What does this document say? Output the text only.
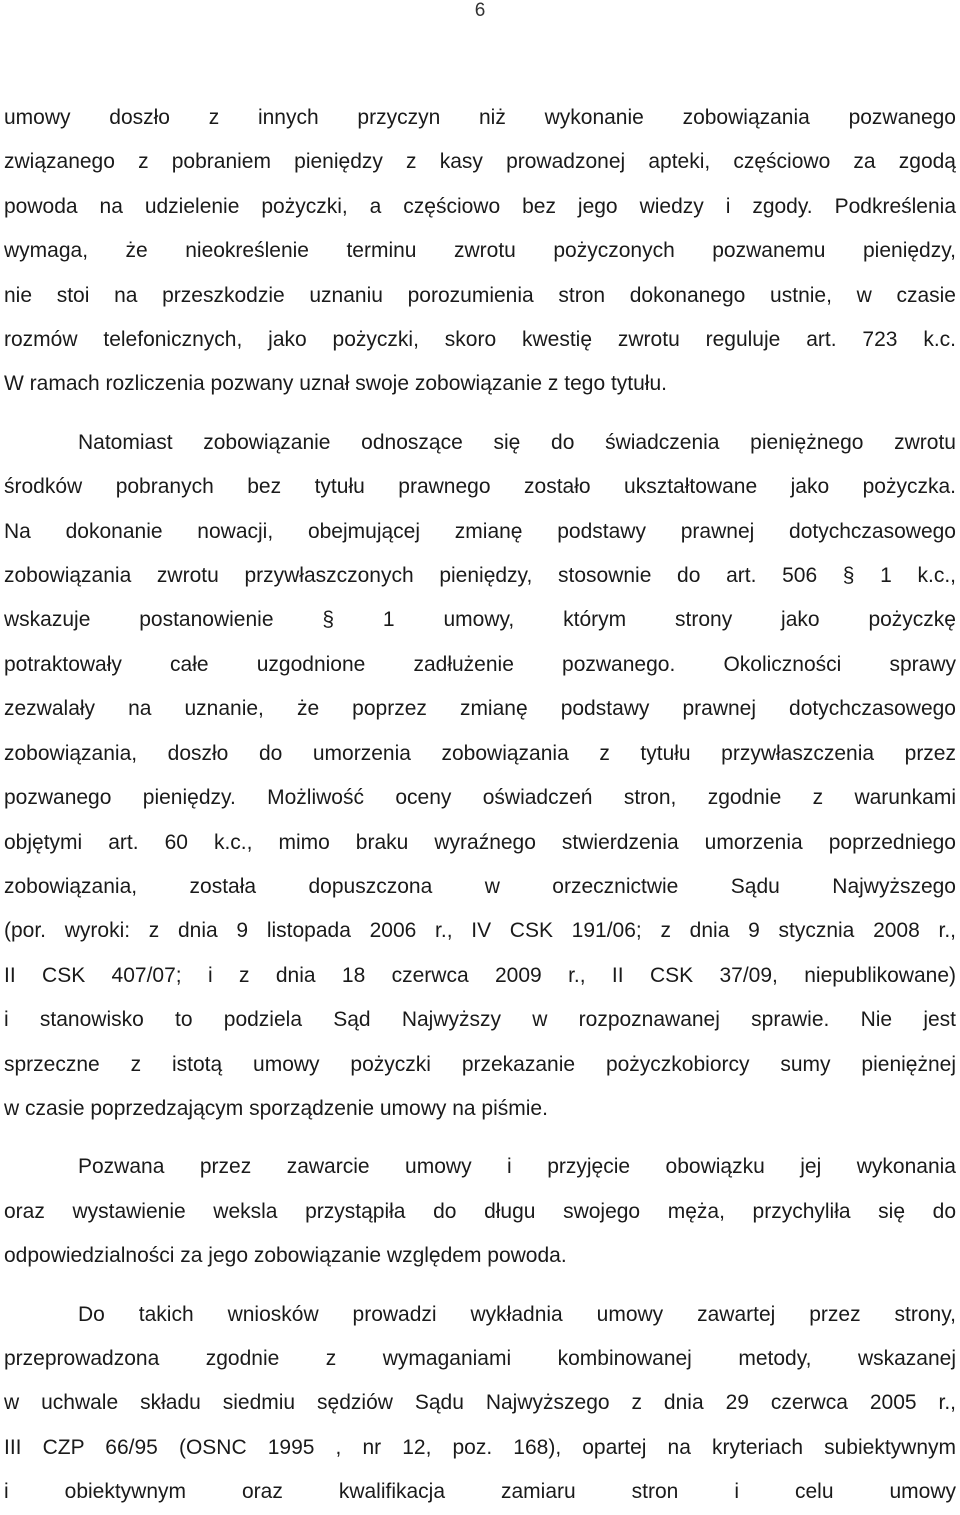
6
umowy doszło z innych przyczyn niż wykonanie zobowiązania pozwanego
związanego z pobraniem pieniędzy z kasy prowadzonej apteki, częściowo za zgodą
powoda na udzielenie pożyczki, a częściowo bez jego wiedzy i zgody. Podkreślenia
wymaga, że nieokreślenie terminu zwrotu pożyczonych pozwanemu pieniędzy,
nie stoi na przeszkodzie uznaniu porozumienia stron dokonanego ustnie, w czasie
rozmów telefonicznych, jako pożyczki, skoro kwestię zwrotu reguluje art. 723 k.c.
W ramach rozliczenia pozwany uznał swoje zobowiązanie z tego tytułu.
Natomiast zobowiązanie odnoszące się do świadczenia pieniężnego zwrotu
środków pobranych bez tytułu prawnego zostało ukształtowane jako pożyczka.
Na dokonanie nowacji, obejmującej zmianę podstawy prawnej dotychczasowego
zobowiązania zwrotu przywłaszczonych pieniędzy, stosownie do art. 506 § 1 k.c.,
wskazuje postanowienie § 1 umowy, którym strony jako pożyczkę
potraktowały całe uzgodnione zadłużenie pozwanego. Okoliczności sprawy
zezwalały na uznanie, że poprzez zmianę podstawy prawnej dotychczasowego
zobowiązania, doszło do umorzenia zobowiązania z tytułu przywłaszczenia przez
pozwanego pieniędzy. Możliwość oceny oświadczeń stron, zgodnie z warunkami
objętymi art. 60 k.c., mimo braku wyraźnego stwierdzenia umorzenia poprzedniego
zobowiązania, została dopuszczona w orzecznictwie Sądu Najwyższego
(por. wyroki: z dnia 9 listopada 2006 r., IV CSK 191/06; z dnia 9 stycznia 2008 r.,
II CSK 407/07; i z dnia 18 czerwca 2009 r., II CSK 37/09, niepublikowane)
i stanowisko to podziela Sąd Najwyższy w rozpoznawanej sprawie. Nie jest
sprzeczne z istotą umowy pożyczki przekazanie pożyczkobiorcy sumy pieniężnej
w czasie poprzedzającym sporządzenie umowy na piśmie.
Pozwana przez zawarcie umowy i przyjęcie obowiązku jej wykonania
oraz wystawienie weksla przystąpiła do długu swojego męża, przychyliła się do
odpowiedzialności za jego zobowiązanie względem powoda.
Do takich wniosków prowadzi wykładnia umowy zawartej przez strony,
przeprowadzona zgodnie z wymaganiami kombinowanej metody, wskazanej
w uchwale składu siedmiu sędziów Sądu Najwyższego z dnia 29 czerwca 2005 r.,
III CZP 66/95 (OSNC 1995 , nr 12, poz. 168), opartej na kryteriach subiektywnym
i obiektywnym oraz kwalifikacja zamiaru stron i celu umowy
